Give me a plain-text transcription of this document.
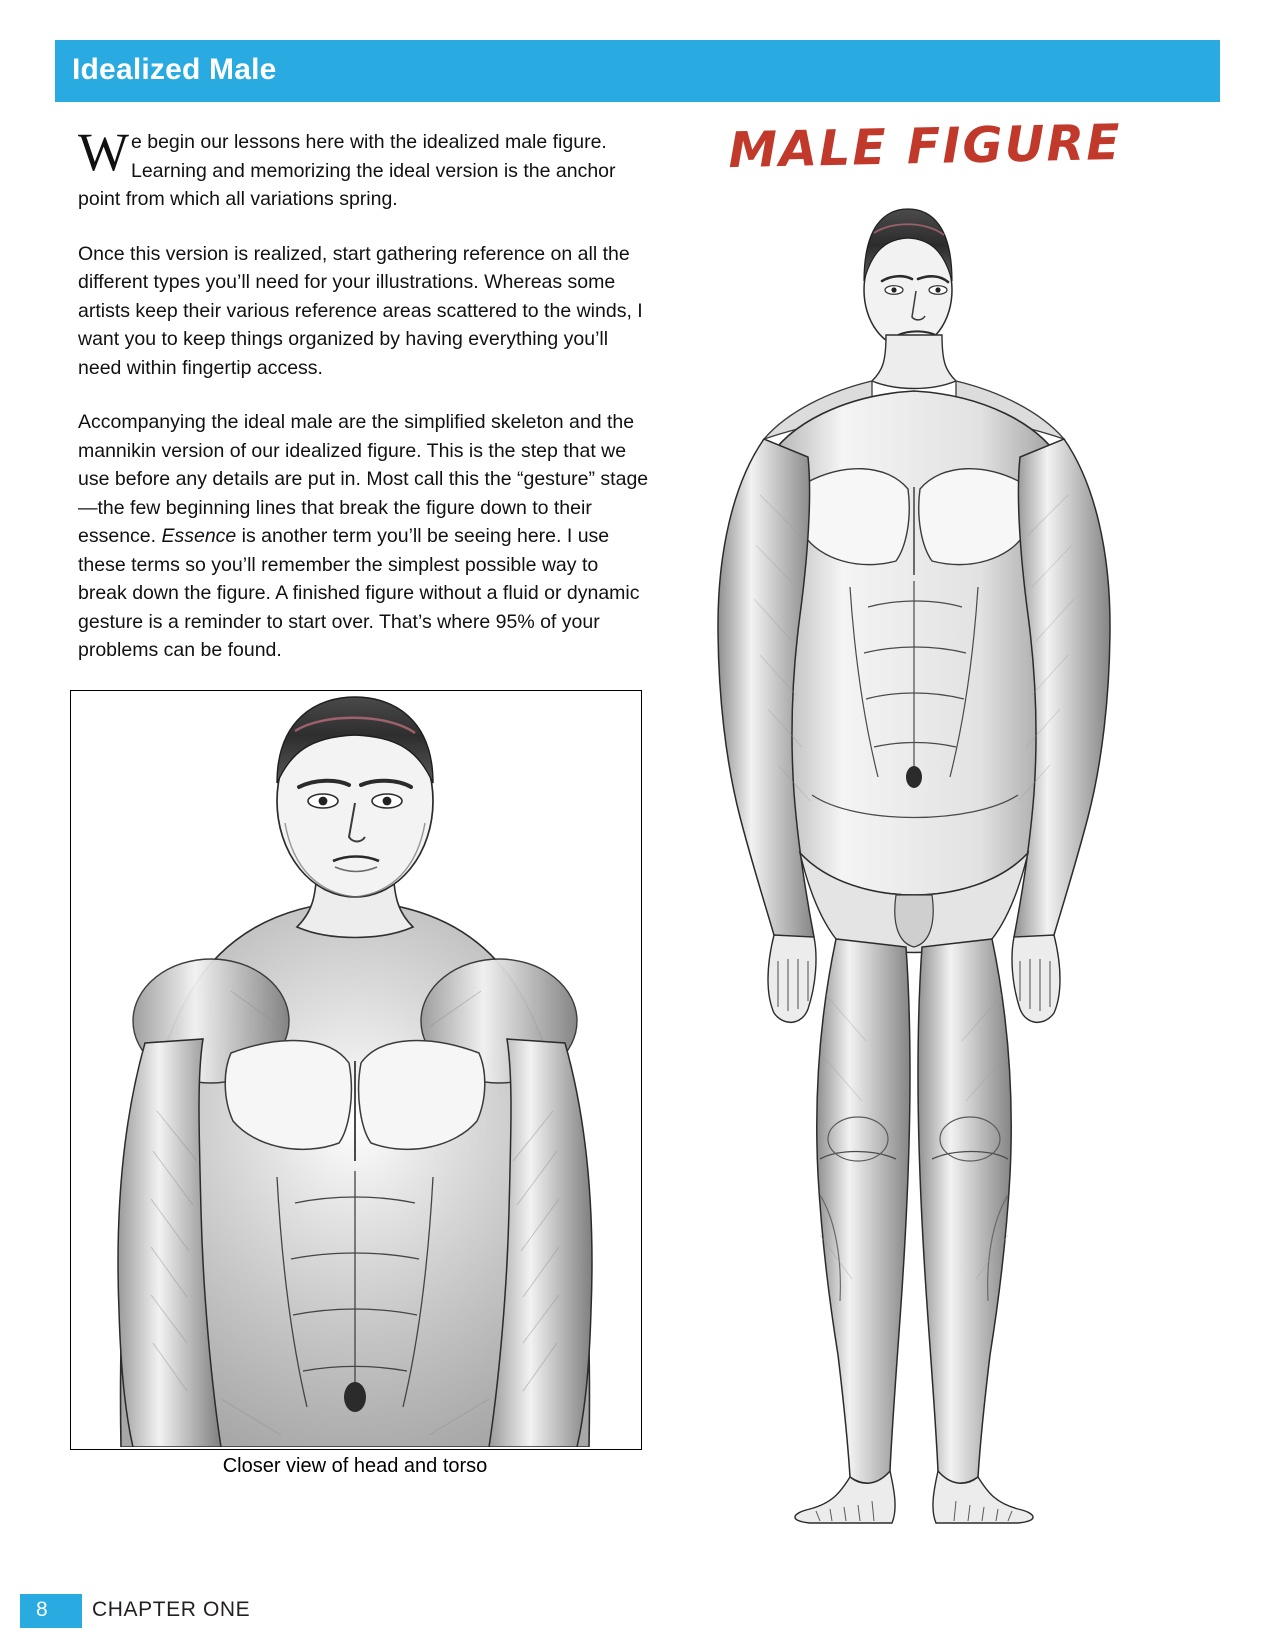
Idealized Male

We begin our lessons here with the idealized male figure. Learning and memorizing the ideal version is the anchor point from which all variations spring.

Once this version is realized, start gathering reference on all the different types you’ll need for your illustrations. Whereas some artists keep their various reference areas scattered to the winds, I want you to keep things organized by having everything you’ll need within fingertip access.

Accompanying the ideal male are the simplified skeleton and the mannikin version of our idealized figure. This is the step that we use before any details are put in. Most call this the “gesture” stage—the few beginning lines that break the figure down to their essence. Essence is another term you’ll be seeing here. I use these terms so you’ll remember the simplest possible way to break down the figure. A finished figure without a fluid or dynamic gesture is a reminder to start over. That’s where 95% of your problems can be found.

Closer view of head and torso
MALE FIGURE
8 CHAPTER ONE
